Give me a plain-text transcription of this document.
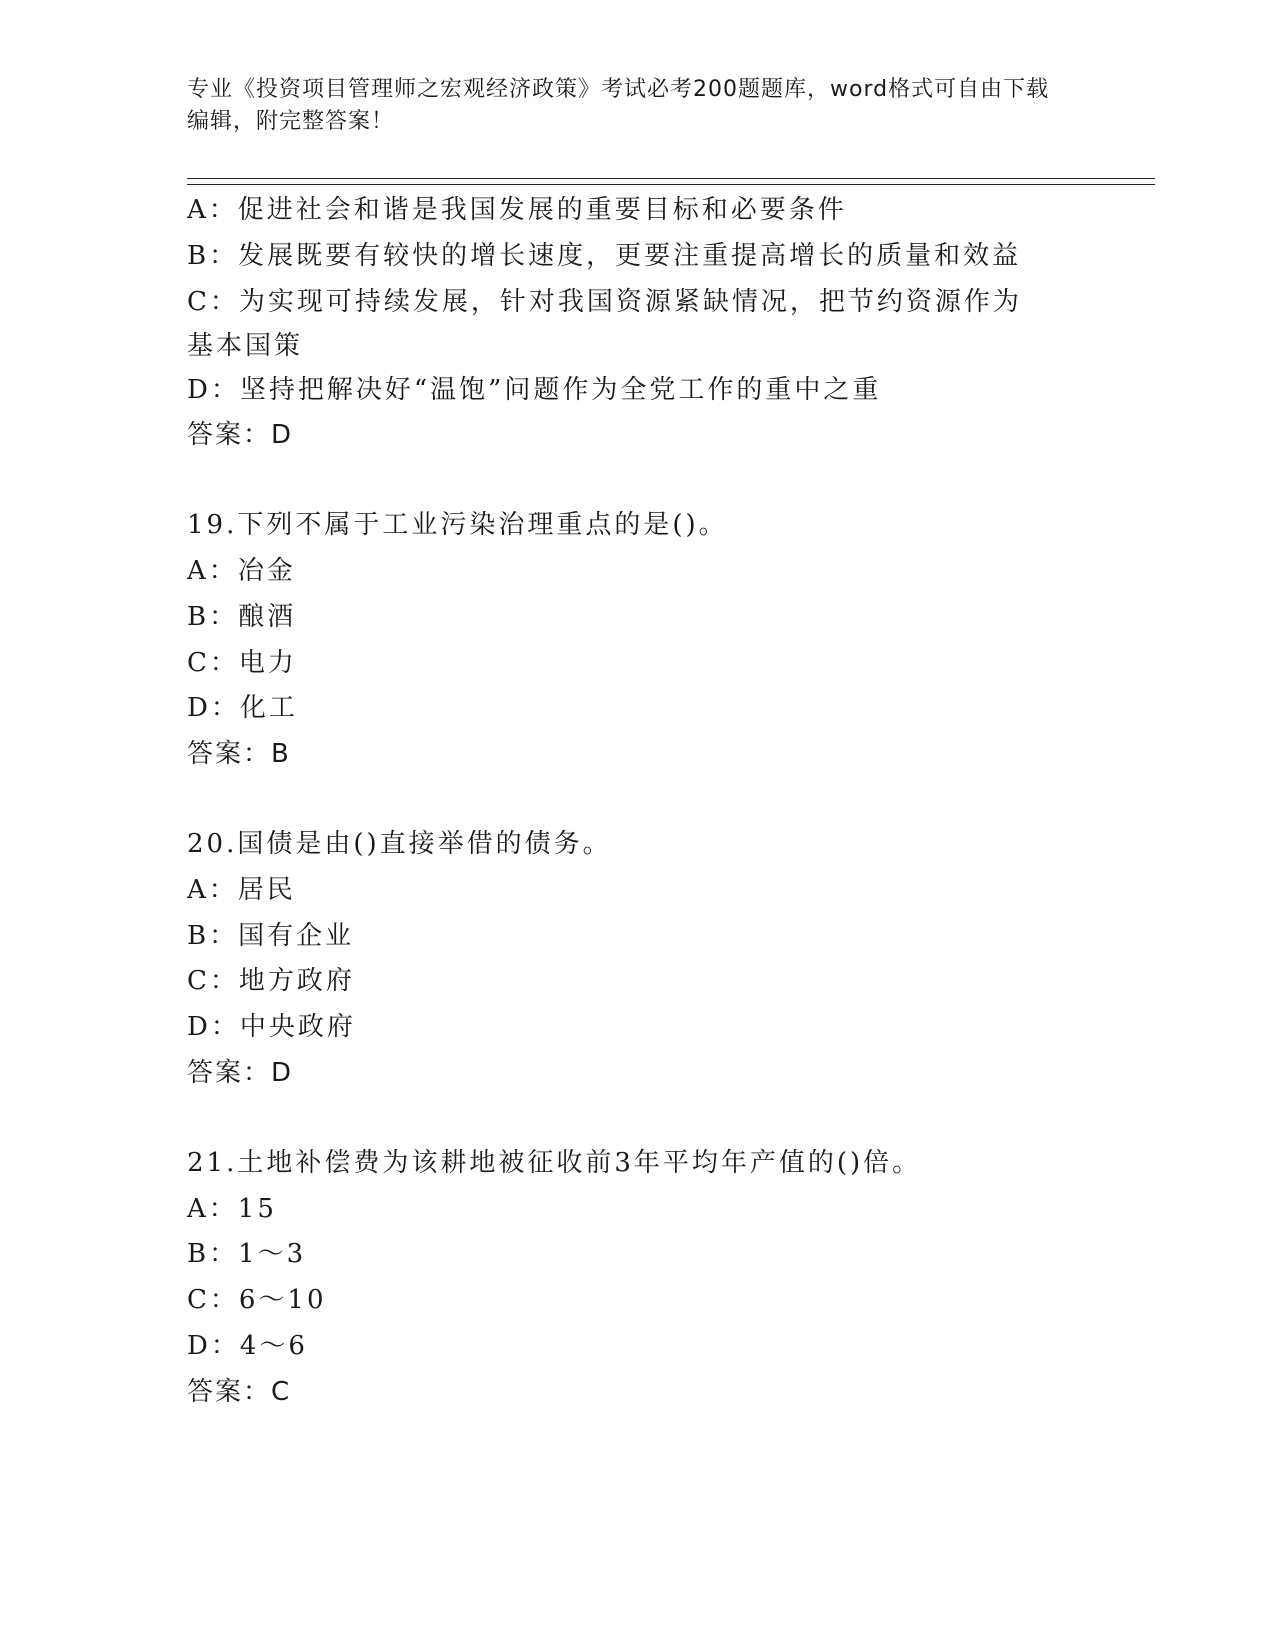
专业《投资项目管理师之宏观经济政策》考试必考200题题库，word格式可自由下载编辑，附完整答案！
A：促进社会和谐是我国发展的重要目标和必要条件
B：发展既要有较快的增长速度，更要注重提高增长的质量和效益
C：为实现可持续发展，针对我国资源紧缺情况，把节约资源作为基本国策
D：坚持把解决好“温饱”问题作为全党工作的重中之重
答案：D
19.下列不属于工业污染治理重点的是()。
A：冶金
B：酿酒
C：电力
D：化工
答案：B
20.国债是由()直接举借的债务。
A：居民
B：国有企业
C：地方政府
D：中央政府
答案：D
21.土地补偿费为该耕地被征收前3年平均年产值的()倍。
A：15
B：1～3
C：6～10
D：4～6
答案：C
